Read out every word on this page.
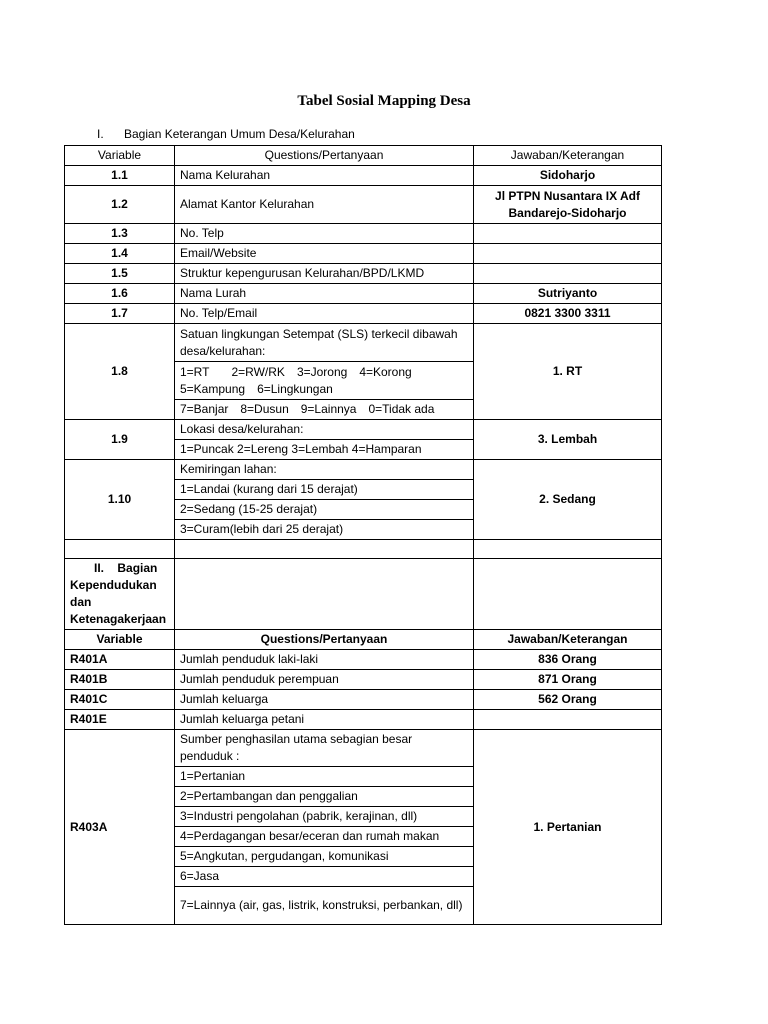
Tabel Sosial Mapping Desa
I. Bagian Keterangan Umum Desa/Kelurahan
Variable	Questions/Pertanyaan	Jawaban/Keterangan
1.1	Nama Kelurahan	Sidoharjo
1.2	Alamat Kantor Kelurahan	Jl PTPN Nusantara IX Adf Bandarejo-Sidoharjo
1.3	No. Telp	
1.4	Email/Website	
1.5	Struktur kepengurusan Kelurahan/BPD/LKMD	
1.6	Nama Lurah	Sutriyanto
1.7	No. Telp/Email	0821 3300 3311
1.8	Satuan lingkungan Setempat (SLS) terkecil dibawah desa/kelurahan:	1. RT
	1=RT 2=RW/RK 3=Jorong 4=Korong
5=Kampung 6=Lingkungan	
	7=Banjar 8=Dusun 9=Lainnya 0=Tidak ada	
1.9	Lokasi desa/kelurahan:	3. Lembah
	1=Puncak 2=Lereng 3=Lembah 4=Hamparan	
1.10	Kemiringan lahan:	2. Sedang
	1=Landai (kurang dari 15 derajat)	
	2=Sedang (15-25 derajat)	
	3=Curam(lebih dari 25 derajat)	

II. Bagian
Kependudukan dan Ketenagakerjaan		
Variable	Questions/Pertanyaan	Jawaban/Keterangan
R401A	Jumlah penduduk laki-laki	836 Orang
R401B	Jumlah penduduk perempuan	871 Orang
R401C	Jumlah keluarga	562 Orang
R401E	Jumlah keluarga petani	
R403A	Sumber penghasilan utama sebagian besar penduduk :	1. Pertanian
	1=Pertanian	
	2=Pertambangan dan penggalian	
	3=Industri pengolahan (pabrik, kerajinan, dll)	
	4=Perdagangan besar/eceran dan rumah makan	
	5=Angkutan, pergudangan, komunikasi	
	6=Jasa	
	7=Lainnya (air, gas, listrik, konstruksi, perbankan, dll)	
